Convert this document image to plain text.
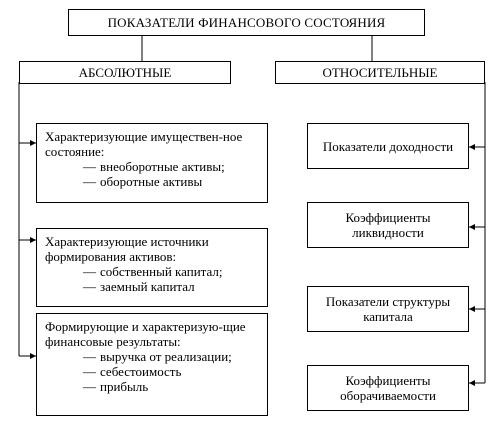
ПОКАЗАТЕЛИ ФИНАНСОВОГО СОСТОЯНИЯ
АБСОЛЮТНЫЕ	ОТНОСИТЕЛЬНЫЕ
Характеризующие имуществен-ное состояние:
— внеоборотные активы;
— оборотные активы
Характеризующие источники формирования активов:
— собственный капитал;
— заемный капитал
Формирующие и характеризую-щие финансовые результаты:
— выручка от реализации;
— себестоимость
— прибыль
Показатели доходности
Коэффициенты ликвидности
Показатели структуры капитала
Коэффициенты оборачиваемости
